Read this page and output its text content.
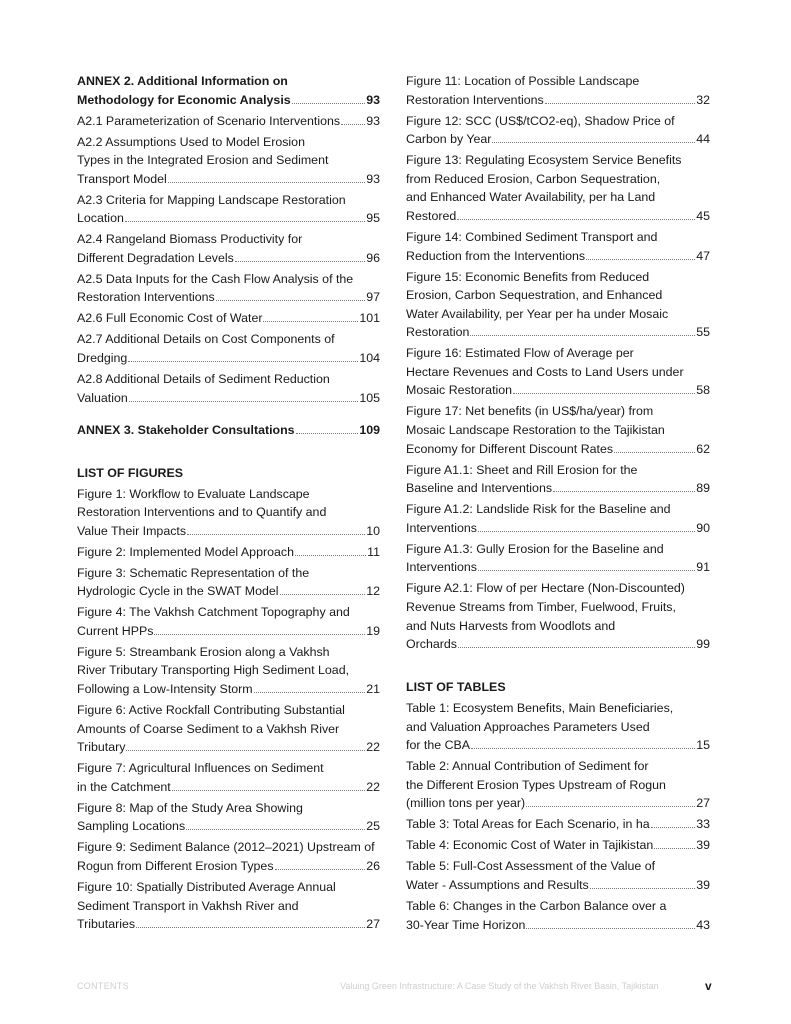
ANNEX 2. Additional Information on
Methodology for Economic Analysis	93
A2.1 Parameterization of Scenario Interventions 93
A2.2 Assumptions Used to Model Erosion
Types in the Integrated Erosion and Sediment
Transport Model	93
A2.3 Criteria for Mapping Landscape Restoration
Location	95
A2.4 Rangeland Biomass Productivity for
Different Degradation Levels	96
A2.5 Data Inputs for the Cash Flow Analysis of the
Restoration Interventions	97
A2.6 Full Economic Cost of Water	101
A2.7 Additional Details on Cost Components of
Dredging	104
A2.8 Additional Details of Sediment Reduction
Valuation	105
ANNEX 3. Stakeholder Consultations	109
LIST OF FIGURES
Figure 1: Workflow to Evaluate Landscape
Restoration Interventions and to Quantify and
Value Their Impacts	10
Figure 2: Implemented Model Approach	11
Figure 3: Schematic Representation of the
Hydrologic Cycle in the SWAT Model	12
Figure 4: The Vakhsh Catchment Topography and
Current HPPs	19
Figure 5: Streambank Erosion along a Vakhsh
River Tributary Transporting High Sediment Load,
Following a Low-Intensity Storm	21
Figure 6: Active Rockfall Contributing Substantial
Amounts of Coarse Sediment to a Vakhsh River
Tributary	22
Figure 7: Agricultural Influences on Sediment
in the Catchment	22
Figure 8: Map of the Study Area Showing
Sampling Locations	25
Figure 9: Sediment Balance (2012–2021) Upstream of
Rogun from Different Erosion Types	26
Figure 10: Spatially Distributed Average Annual
Sediment Transport in Vakhsh River and
Tributaries	27
Figure 11: Location of Possible Landscape
Restoration Interventions	32
Figure 12: SCC (US$/tCO2-eq), Shadow Price of
Carbon by Year	44
Figure 13: Regulating Ecosystem Service Benefits
from Reduced Erosion, Carbon Sequestration,
and Enhanced Water Availability, per ha Land
Restored	45
Figure 14: Combined Sediment Transport and
Reduction from the Interventions	47
Figure 15: Economic Benefits from Reduced
Erosion, Carbon Sequestration, and Enhanced
Water Availability, per Year per ha under Mosaic
Restoration	55
Figure 16: Estimated Flow of Average per
Hectare Revenues and Costs to Land Users under
Mosaic Restoration	58
Figure 17: Net benefits (in US$/ha/year) from
Mosaic Landscape Restoration to the Tajikistan
Economy for Different Discount Rates	62
Figure A1.1: Sheet and Rill Erosion for the
Baseline and Interventions	89
Figure A1.2: Landslide Risk for the Baseline and
Interventions	90
Figure A1.3: Gully Erosion for the Baseline and
Interventions	91
Figure A2.1: Flow of per Hectare (Non-Discounted)
Revenue Streams from Timber, Fuelwood, Fruits,
and Nuts Harvests from Woodlots and
Orchards	99
LIST OF TABLES
Table 1: Ecosystem Benefits, Main Beneficiaries,
and Valuation Approaches Parameters Used
for the CBA	15
Table 2: Annual Contribution of Sediment for
the Different Erosion Types Upstream of Rogun
(million tons per year)	27
Table 3: Total Areas for Each Scenario, in ha	33
Table 4: Economic Cost of Water in Tajikistan	39
Table 5: Full-Cost Assessment of the Value of
Water - Assumptions and Results	39
Table 6: Changes in the Carbon Balance over a
30-Year Time Horizon	43
CONTENTS	Valuing Green Infrastructure: A Case Study of the Vakhsh River Basin, Tajikistan	v
